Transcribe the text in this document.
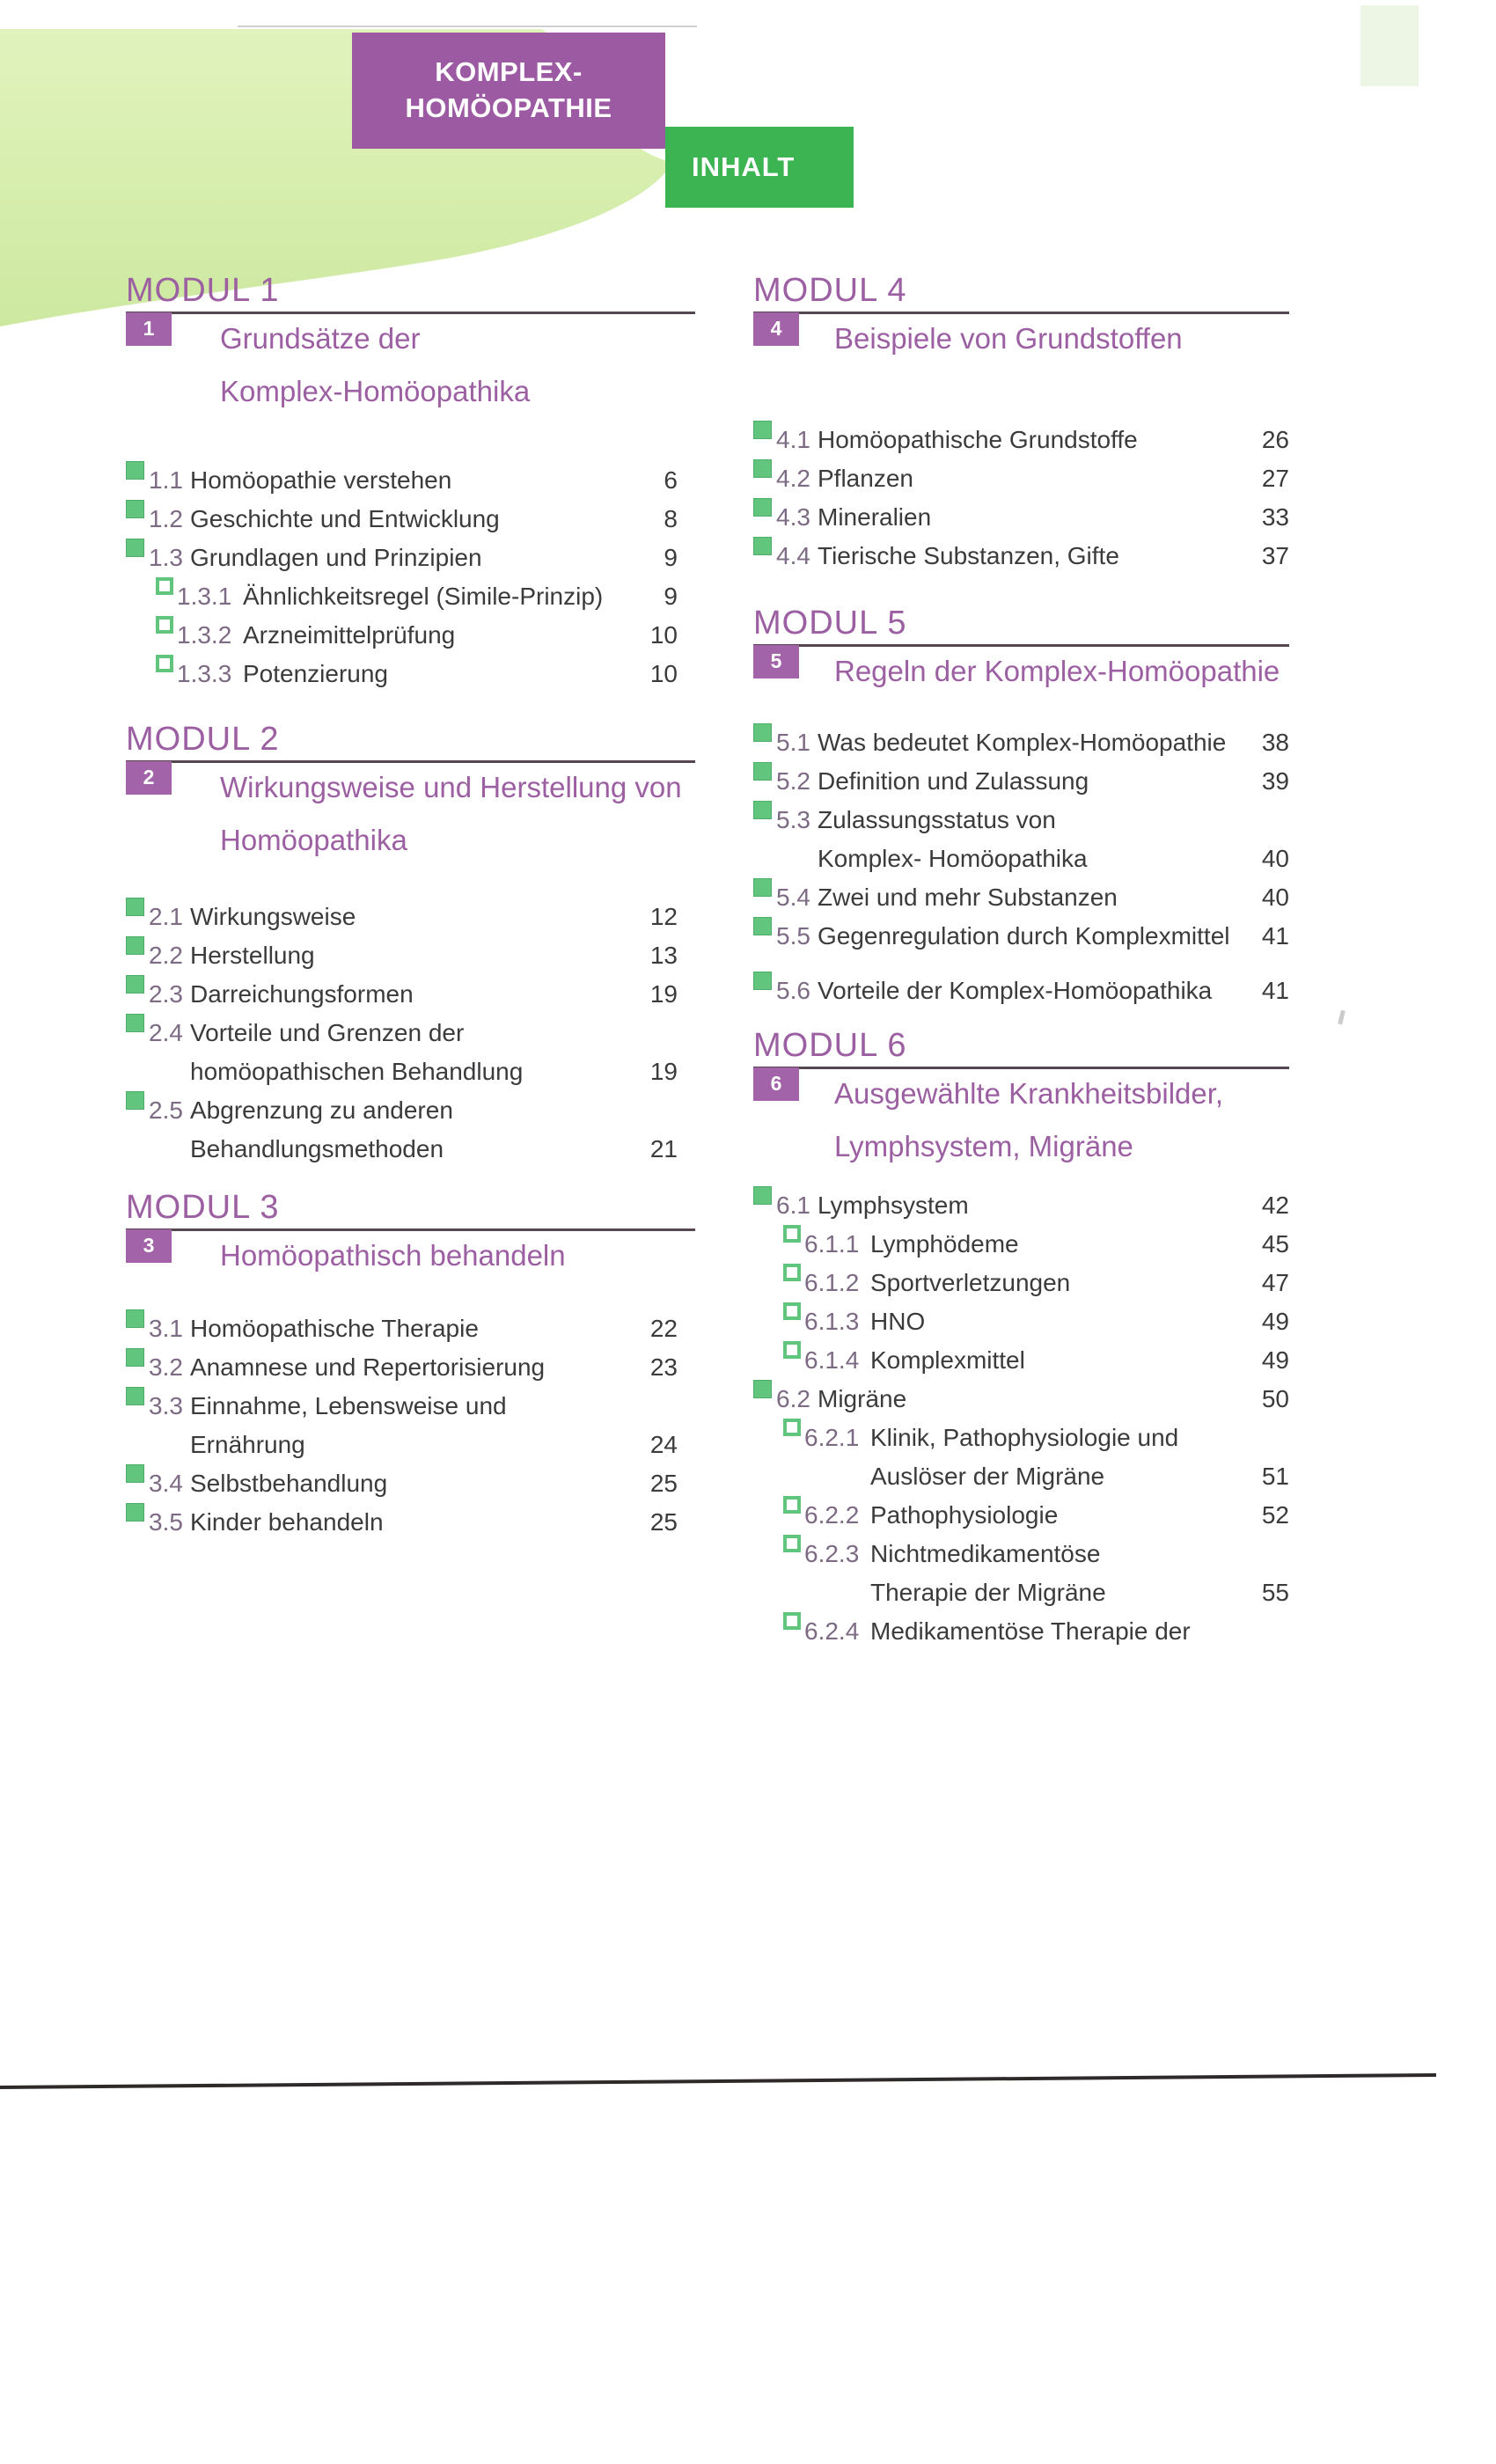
KOMPLEX-
HOMÖOPATHIE
INHALT
MODUL 1
1	Grundsätze der
Komplex-Homöopathika
1.1 Homöopathie verstehen	6
1.2 Geschichte und Entwicklung	8
1.3 Grundlagen und Prinzipien	9
1.3.1 Ähnlichkeitsregel (Simile-Prinzip) 9
1.3.2 Arzneimittelprüfung	10
1.3.3 Potenzierung	10
MODUL 2
2	Wirkungsweise und Herstellung von
Homöopathika
2.1 Wirkungsweise	12
2.2 Herstellung	13
2.3 Darreichungsformen	19
2.4 Vorteile und Grenzen der
homöopathischen Behandlung	19
2.5 Abgrenzung zu anderen
Behandlungsmethoden	21
MODUL 3
3	Homöopathisch behandeln
3.1 Homöopathische Therapie	22
3.2 Anamnese und Repertorisierung	23
3.3 Einnahme, Lebensweise und
Ernährung	24
3.4 Selbstbehandlung	25
3.5 Kinder behandeln	25
MODUL 4
4	Beispiele von Grundstoffen
4.1 Homöopathische Grundstoffe	26
4.2 Pflanzen	27
4.3 Mineralien	33
4.4 Tierische Substanzen, Gifte	37
MODUL 5
5	Regeln der Komplex-Homöopathie
5.1 Was bedeutet Komplex-Homöopathie 38
5.2 Definition und Zulassung	39
5.3 Zulassungsstatus von
Komplex- Homöopathika	40
5.4 Zwei und mehr Substanzen	40
5.5 Gegenregulation durch Komplexmittel 41
5.6 Vorteile der Komplex-Homöopathika 41
MODUL 6
6	Ausgewählte Krankheitsbilder,
Lymphsystem, Migräne
6.1 Lymphsystem	42
6.1.1 Lymphödeme	45
6.1.2 Sportverletzungen	47
6.1.3 HNO	49
6.1.4 Komplexmittel	49
6.2 Migräne	50
6.2.1 Klinik, Pathophysiologie und
Auslöser der Migräne	51
6.2.2 Pathophysiologie	52
6.2.3 Nichtmedikamentöse
Therapie der Migräne	55
6.2.4 Medikamentöse Therapie der
